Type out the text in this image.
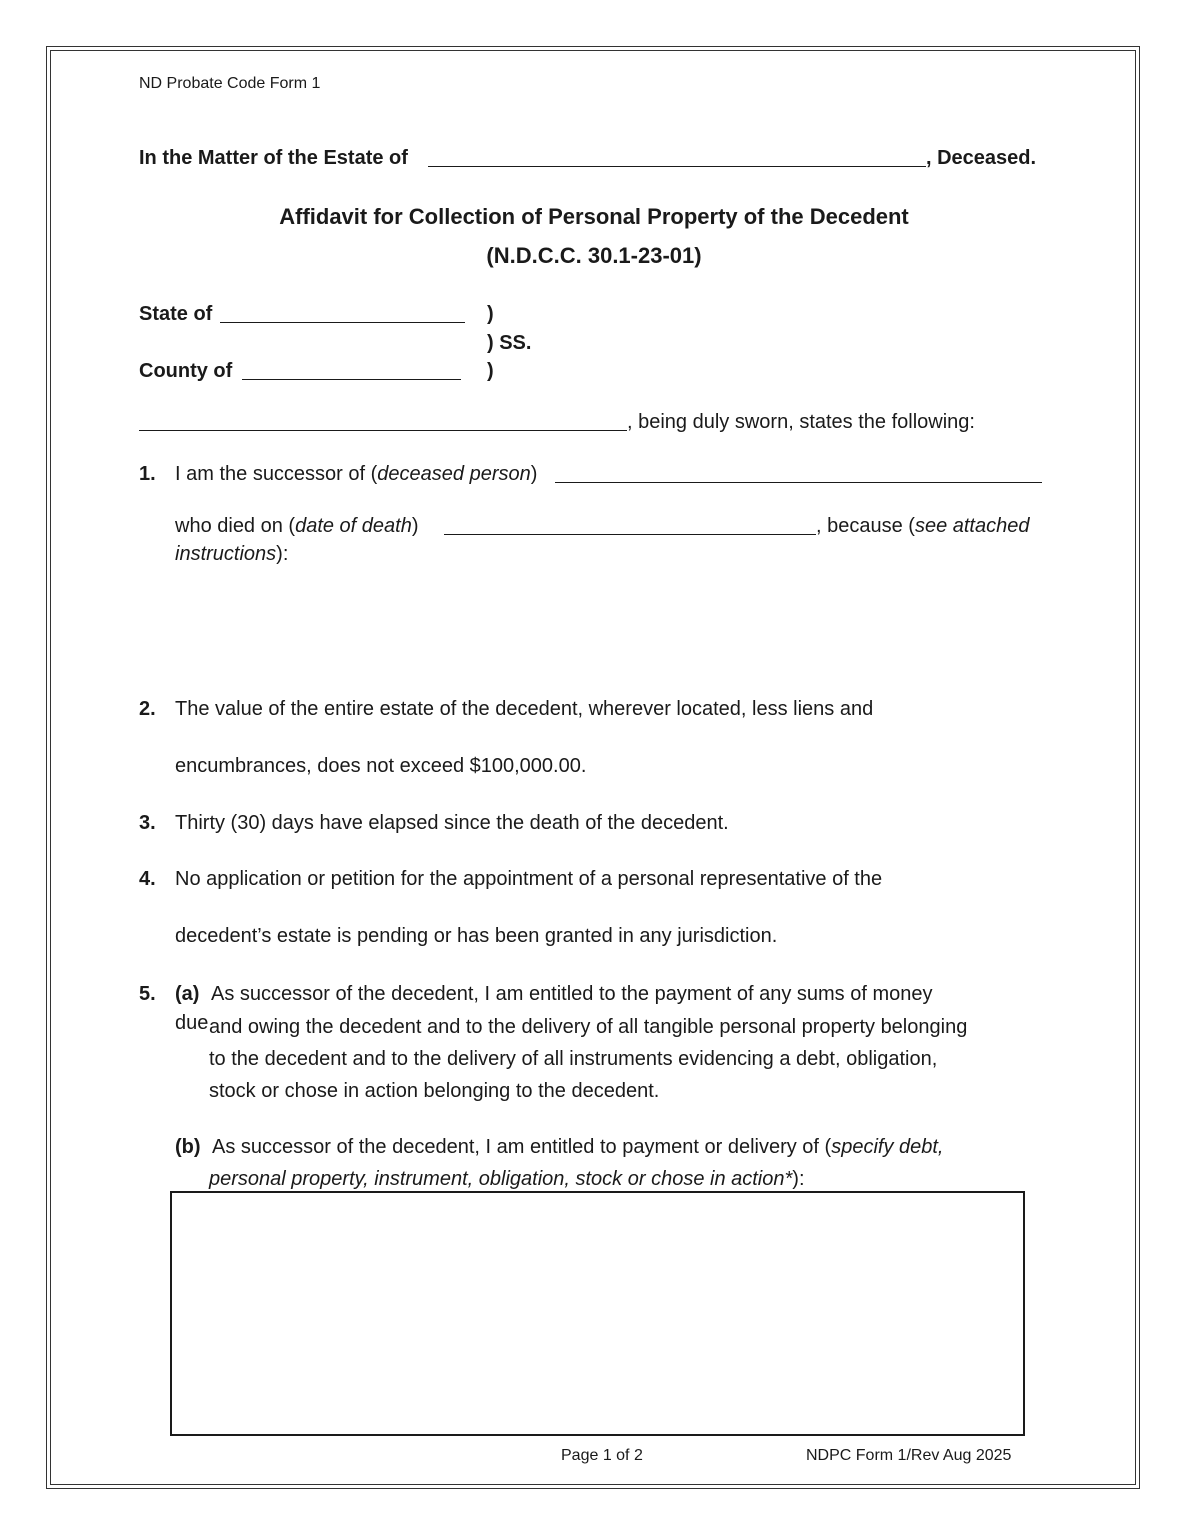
ND Probate Code Form 1
In the Matter of the Estate of	, Deceased.
Affidavit for Collection of Personal Property of the Decedent
(N.D.C.C. 30.1-23-01)
State of	)
) SS.
County of	)
, being duly sworn, states the following:
1. I am the successor of (deceased person)
who died on (date of death)	, because (see attached
instructions):
2. The value of the entire estate of the decedent, wherever located, less liens and
encumbrances, does not exceed $100,000.00.
3. Thirty (30) days have elapsed since the death of the decedent.
4. No application or petition for the appointment of a personal representative of the
decedent’s estate is pending or has been granted in any jurisdiction.
5. (a) As successor of the decedent, I am entitled to the payment of any sums of money
due and owing the decedent and to the delivery of all tangible personal property belonging
to the decedent and to the delivery of all instruments evidencing a debt, obligation,
stock or chose in action belonging to the decedent.
(b) As successor of the decedent, I am entitled to payment or delivery of (specify debt,
personal property, instrument, obligation, stock or chose in action*):
Page 1 of 2	NDPC Form 1/Rev Aug 2025
